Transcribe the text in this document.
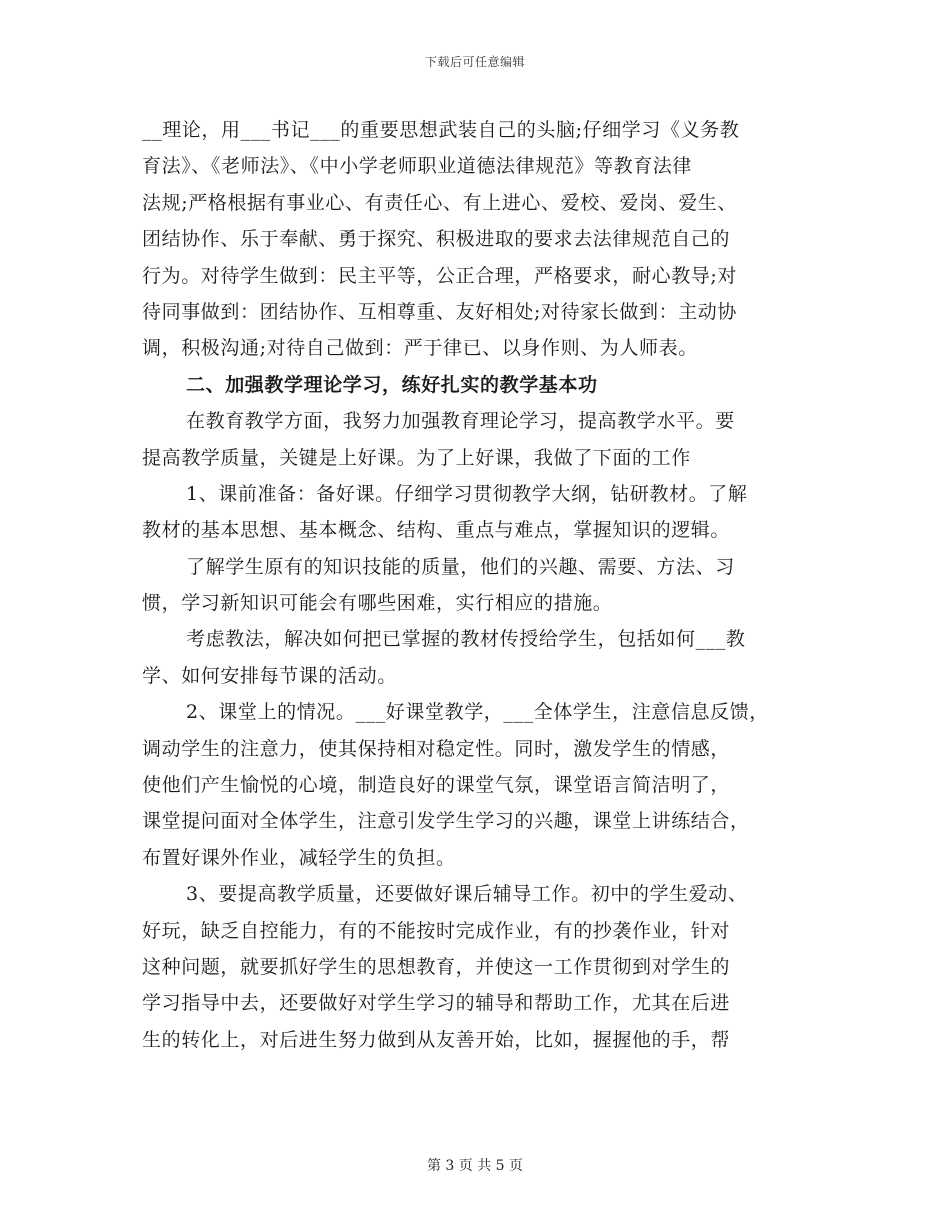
下载后可任意编辑
__理论，用___书记___的重要思想武装自己的头脑;仔细学习《义务教
育法》、《老师法》、《中小学老师职业道德法律规范》等教育法律
法规;严格根据有事业心、有责任心、有上进心、爱校、爱岗、爱生、
团结协作、乐于奉献、勇于探究、积极进取的要求去法律规范自己的
行为。对待学生做到：民主平等，公正合理，严格要求，耐心教导;对
待同事做到：团结协作、互相尊重、友好相处;对待家长做到：主动协
调，积极沟通;对待自己做到：严于律已、以身作则、为人师表。
二、加强教学理论学习，练好扎实的教学基本功
在教育教学方面，我努力加强教育理论学习，提高教学水平。要
提高教学质量，关键是上好课。为了上好课，我做了下面的工作
1、课前准备：备好课。仔细学习贯彻教学大纲，钻研教材。了解
教材的基本思想、基本概念、结构、重点与难点，掌握知识的逻辑。
了解学生原有的知识技能的质量，他们的兴趣、需要、方法、习
惯，学习新知识可能会有哪些困难，实行相应的措施。
考虑教法，解决如何把已掌握的教材传授给学生，包括如何___教
学、如何安排每节课的活动。
2、课堂上的情况。___好课堂教学，___全体学生，注意信息反馈，
调动学生的注意力，使其保持相对稳定性。同时，激发学生的情感，
使他们产生愉悦的心境，制造良好的课堂气氛，课堂语言简洁明了，
课堂提问面对全体学生，注意引发学生学习的兴趣，课堂上讲练结合，
布置好课外作业，减轻学生的负担。
3、要提高教学质量，还要做好课后辅导工作。初中的学生爱动、
好玩，缺乏自控能力，有的不能按时完成作业，有的抄袭作业，针对
这种问题，就要抓好学生的思想教育，并使这一工作贯彻到对学生的
学习指导中去，还要做好对学生学习的辅导和帮助工作，尤其在后进
生的转化上，对后进生努力做到从友善开始，比如，握握他的手，帮
第 3 页 共 5 页
